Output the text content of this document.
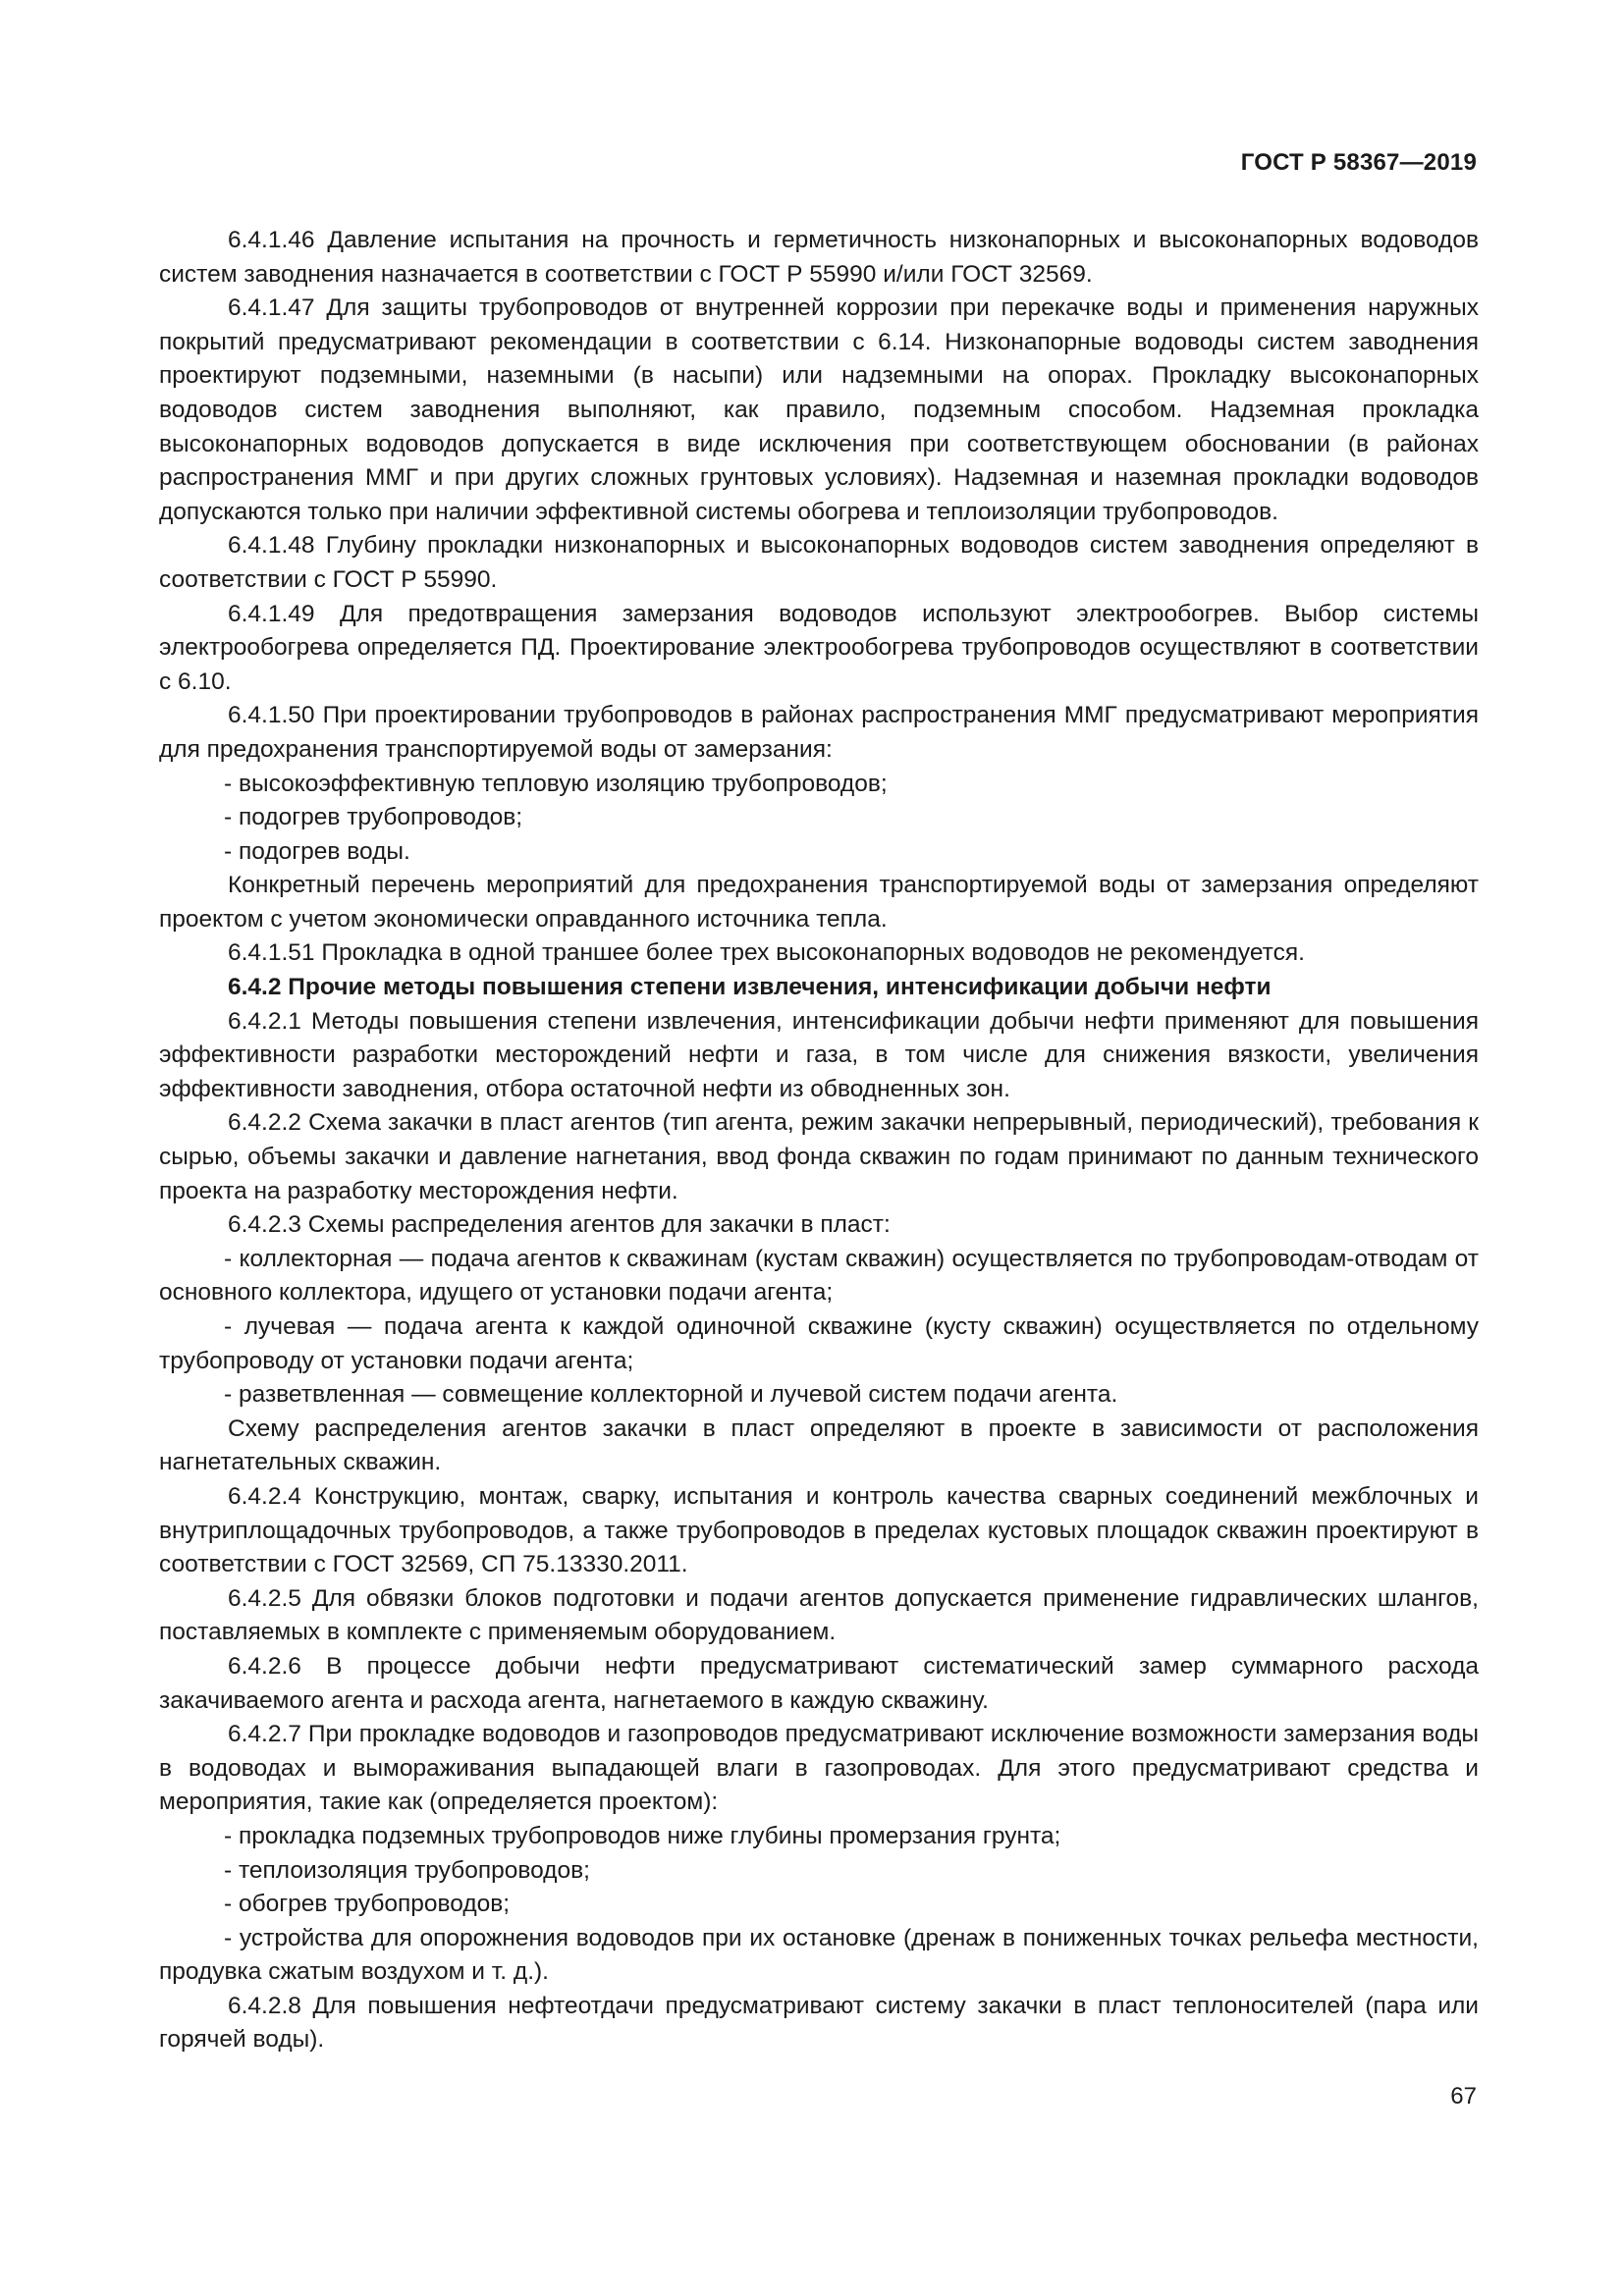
ГОСТ Р 58367—2019

6.4.1.46 Давление испытания на прочность и герметичность низконапорных и высоконапорных водоводов систем заводнения назначается в соответствии с ГОСТ Р 55990 и/или ГОСТ 32569.

6.4.1.47 Для защиты трубопроводов от внутренней коррозии при перекачке воды и применения наружных покрытий предусматривают рекомендации в соответствии с 6.14. Низконапорные водоводы систем заводнения проектируют подземными, наземными (в насыпи) или надземными на опорах. Прокладку высоконапорных водоводов систем заводнения выполняют, как правило, подземным способом. Надземная прокладка высоконапорных водоводов допускается в виде исключения при соответствующем обосновании (в районах распространения ММГ и при других сложных грунтовых условиях). Надземная и наземная прокладки водоводов допускаются только при наличии эффективной системы обогрева и теплоизоляции трубопроводов.

6.4.1.48 Глубину прокладки низконапорных и высоконапорных водоводов систем заводнения определяют в соответствии с ГОСТ Р 55990.

6.4.1.49 Для предотвращения замерзания водоводов используют электрообогрев. Выбор системы электрообогрева определяется ПД. Проектирование электрообогрева трубопроводов осуществляют в соответствии с 6.10.

6.4.1.50 При проектировании трубопроводов в районах распространения ММГ предусматривают мероприятия для предохранения транспортируемой воды от замерзания:

- высокоэффективную тепловую изоляцию трубопроводов;

- подогрев трубопроводов;

- подогрев воды.

Конкретный перечень мероприятий для предохранения транспортируемой воды от замерзания определяют проектом с учетом экономически оправданного источника тепла.

6.4.1.51 Прокладка в одной траншее более трех высоконапорных водоводов не рекомендуется.

6.4.2 Прочие методы повышения степени извлечения, интенсификации добычи нефти

6.4.2.1 Методы повышения степени извлечения, интенсификации добычи нефти применяют для повышения эффективности разработки месторождений нефти и газа, в том числе для снижения вязкости, увеличения эффективности заводнения, отбора остаточной нефти из обводненных зон.

6.4.2.2 Схема закачки в пласт агентов (тип агента, режим закачки непрерывный, периодический), требования к сырью, объемы закачки и давление нагнетания, ввод фонда скважин по годам принимают по данным технического проекта на разработку месторождения нефти.

6.4.2.3 Схемы распределения агентов для закачки в пласт:

- коллекторная — подача агентов к скважинам (кустам скважин) осуществляется по трубопроводам-отводам от основного коллектора, идущего от установки подачи агента;

- лучевая — подача агента к каждой одиночной скважине (кусту скважин) осуществляется по отдельному трубопроводу от установки подачи агента;

- разветвленная — совмещение коллекторной и лучевой систем подачи агента.

Схему распределения агентов закачки в пласт определяют в проекте в зависимости от расположения нагнетательных скважин.

6.4.2.4 Конструкцию, монтаж, сварку, испытания и контроль качества сварных соединений межблочных и внутриплощадочных трубопроводов, а также трубопроводов в пределах кустовых площадок скважин проектируют в соответствии с ГОСТ 32569, СП 75.13330.2011.

6.4.2.5 Для обвязки блоков подготовки и подачи агентов допускается применение гидравлических шлангов, поставляемых в комплекте с применяемым оборудованием.

6.4.2.6 В процессе добычи нефти предусматривают систематический замер суммарного расхода закачиваемого агента и расхода агента, нагнетаемого в каждую скважину.

6.4.2.7 При прокладке водоводов и газопроводов предусматривают исключение возможности замерзания воды в водоводах и вымораживания выпадающей влаги в газопроводах. Для этого предусматривают средства и мероприятия, такие как (определяется проектом):

- прокладка подземных трубопроводов ниже глубины промерзания грунта;

- теплоизоляция трубопроводов;

- обогрев трубопроводов;

- устройства для опорожнения водоводов при их остановке (дренаж в пониженных точках рельефа местности, продувка сжатым воздухом и т. д.).

6.4.2.8 Для повышения нефтеотдачи предусматривают систему закачки в пласт теплоносителей (пара или горячей воды).

67
